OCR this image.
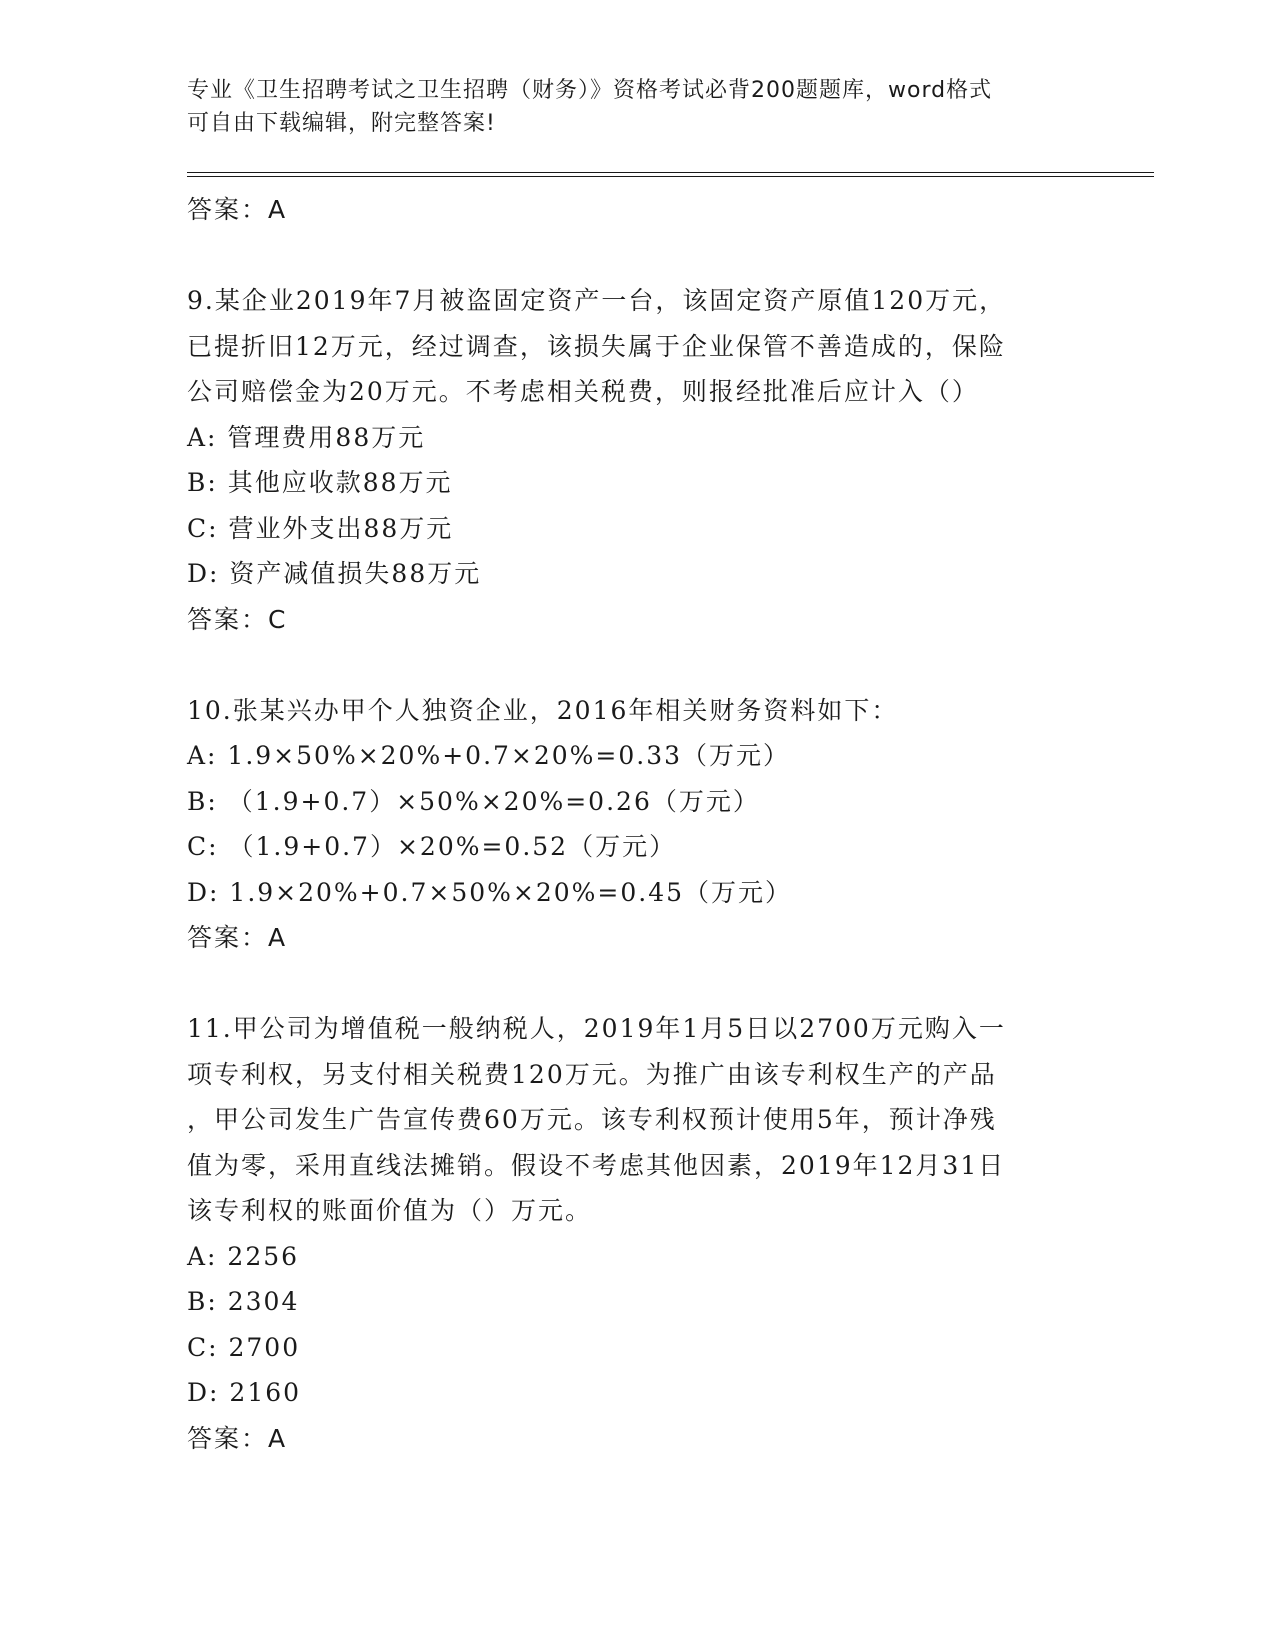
专业《卫生招聘考试之卫生招聘（财务）》资格考试必背200题题库，word格式
可自由下载编辑，附完整答案!
答案：A
9.某企业2019年7月被盗固定资产一台，该固定资产原值120万元，
已提折旧12万元，经过调查，该损失属于企业保管不善造成的，保险
公司赔偿金为20万元。不考虑相关税费，则报经批准后应计入（）
A: 管理费用88万元
B: 其他应收款88万元
C: 营业外支出88万元
D: 资产减值损失88万元
答案：C
10.张某兴办甲个人独资企业，2016年相关财务资料如下：
A: 1.9×50%×20%+0.7×20%=0.33（万元）
B: （1.9+0.7）×50%×20%=0.26（万元）
C: （1.9+0.7）×20%=0.52（万元）
D: 1.9×20%+0.7×50%×20%=0.45（万元）
答案：A
11.甲公司为增值税一般纳税人，2019年1月5日以2700万元购入一
项专利权，另支付相关税费120万元。为推广由该专利权生产的产品
，甲公司发生广告宣传费60万元。该专利权预计使用5年，预计净残
值为零，采用直线法摊销。假设不考虑其他因素，2019年12月31日
该专利权的账面价值为（）万元。
A: 2256
B: 2304
C: 2700
D: 2160
答案：A
